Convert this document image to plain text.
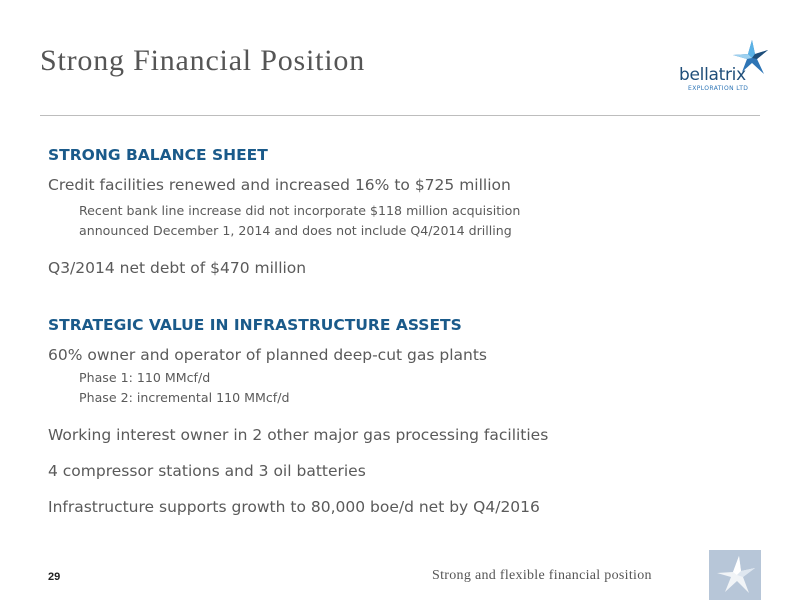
Strong Financial Position	bellatrix
EXPLORATION LTD
STRONG BALANCE SHEET
Credit facilities renewed and increased 16% to $725 million
Recent bank line increase did not incorporate $118 million acquisition
announced December 1, 2014 and does not include Q4/2014 drilling
Q3/2014 net debt of $470 million
STRATEGIC VALUE IN INFRASTRUCTURE ASSETS
60% owner and operator of planned deep-cut gas plants
Phase 1: 110 MMcf/d
Phase 2: incremental 110 MMcf/d
Working interest owner in 2 other major gas processing facilities
4 compressor stations and 3 oil batteries
Infrastructure supports growth to 80,000 boe/d net by Q4/2016
29	Strong and flexible financial position
